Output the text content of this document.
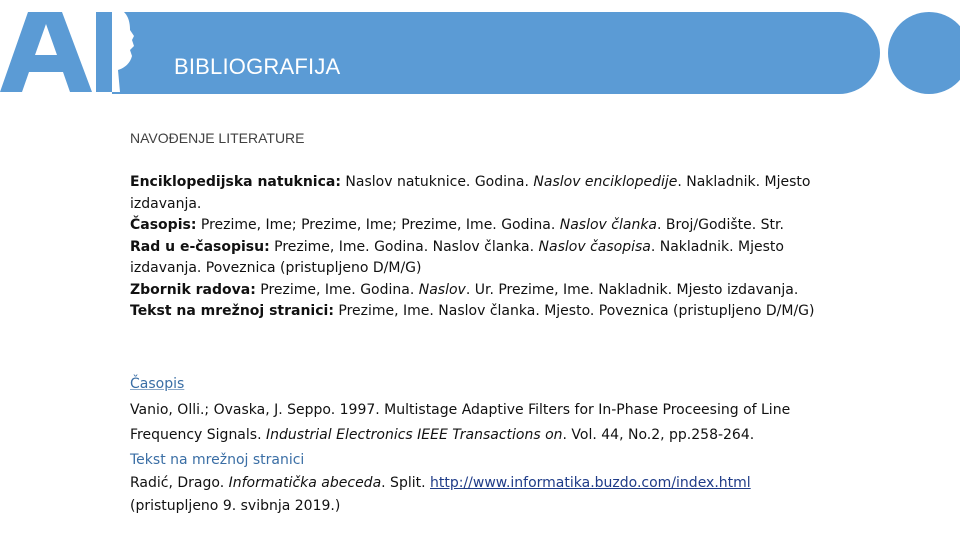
BIBLIOGRAFIJA
NAVOĐENJE LITERATURE

Enciklopedijska natuknica: Naslov natuknice. Godina. Naslov enciklopedije. Nakladnik. Mjesto izdavanja.

Časopis: Prezime, Ime; Prezime, Ime; Prezime, Ime. Godina. Naslov članka. Broj/Godište. Str.

Rad u e-časopisu: Prezime, Ime. Godina. Naslov članka. Naslov časopisa. Nakladnik. Mjesto izdavanja. Poveznica (pristupljeno D/M/G)

Zbornik radova: Prezime, Ime. Godina. Naslov. Ur. Prezime, Ime. Nakladnik. Mjesto izdavanja.

Tekst na mrežnoj stranici: Prezime, Ime. Naslov članka. Mjesto. Poveznica (pristupljeno D/M/G)

Časopis

Vanio, Olli.; Ovaska, J. Seppo. 1997. Multistage Adaptive Filters for In-Phase Proceesing of Line Frequency Signals. Industrial Electronics IEEE Transactions on. Vol. 44, No.2, pp.258-264.

Tekst na mrežnoj stranici

Radić, Drago. Informatička abeceda. Split. http://www.informatika.buzdo.com/index.html
(pristupljeno 9. svibnja 2019.)
